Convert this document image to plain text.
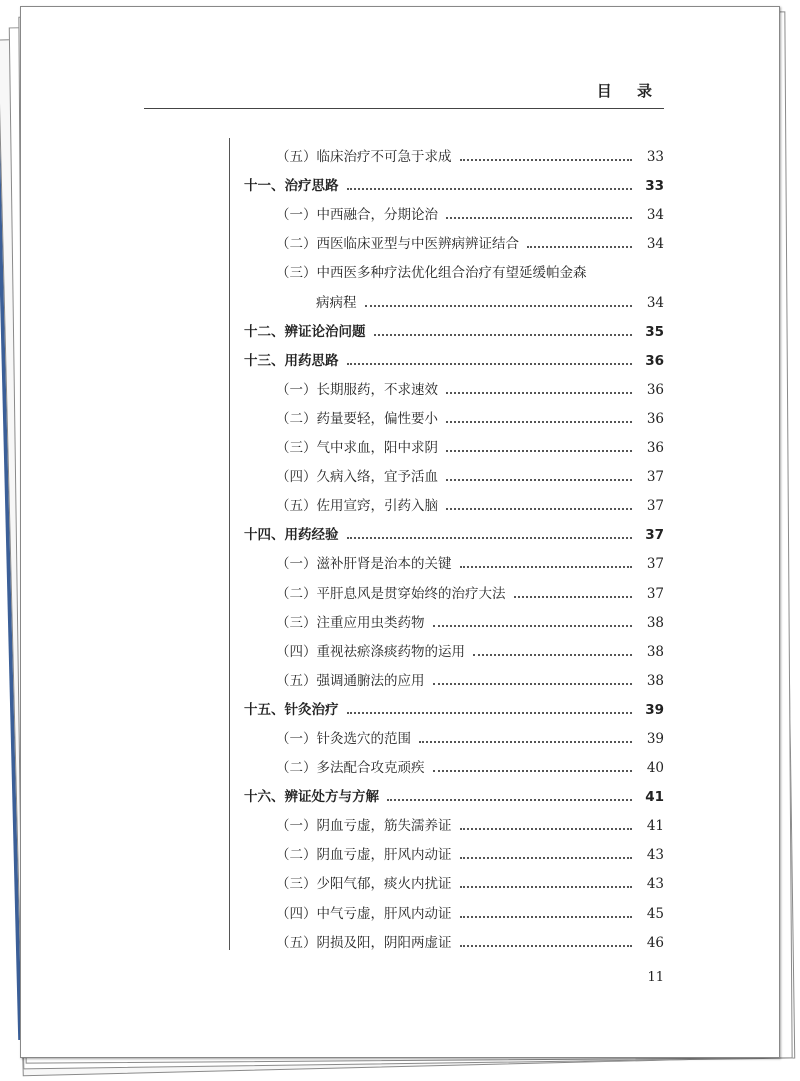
目 录
（五）临床治疗不可急于求成	33
十一、治疗思路	33
（一）中西融合，分期论治	34
（二）西医临床亚型与中医辨病辨证结合	34
（三）中西医多种疗法优化组合治疗有望延缓帕金森
病病程	34
十二、辨证论治问题	35
十三、用药思路	36
（一）长期服药，不求速效	36
（二）药量要轻，偏性要小	36
（三）气中求血，阳中求阴	36
（四）久病入络，宜予活血	37
（五）佐用宣窍，引药入脑	37
十四、用药经验	37
（一）滋补肝肾是治本的关键	37
（二）平肝息风是贯穿始终的治疗大法	37
（三）注重应用虫类药物	38
（四）重视祛瘀涤痰药物的运用	38
（五）强调通腑法的应用	38
十五、针灸治疗	39
（一）针灸选穴的范围	39
（二）多法配合攻克顽疾	40
十六、辨证处方与方解	41
（一）阴血亏虚，筋失濡养证	41
（二）阴血亏虚，肝风内动证	43
（三）少阳气郁，痰火内扰证	43
（四）中气亏虚，肝风内动证	45
（五）阴损及阳，阴阳两虚证	46
11
